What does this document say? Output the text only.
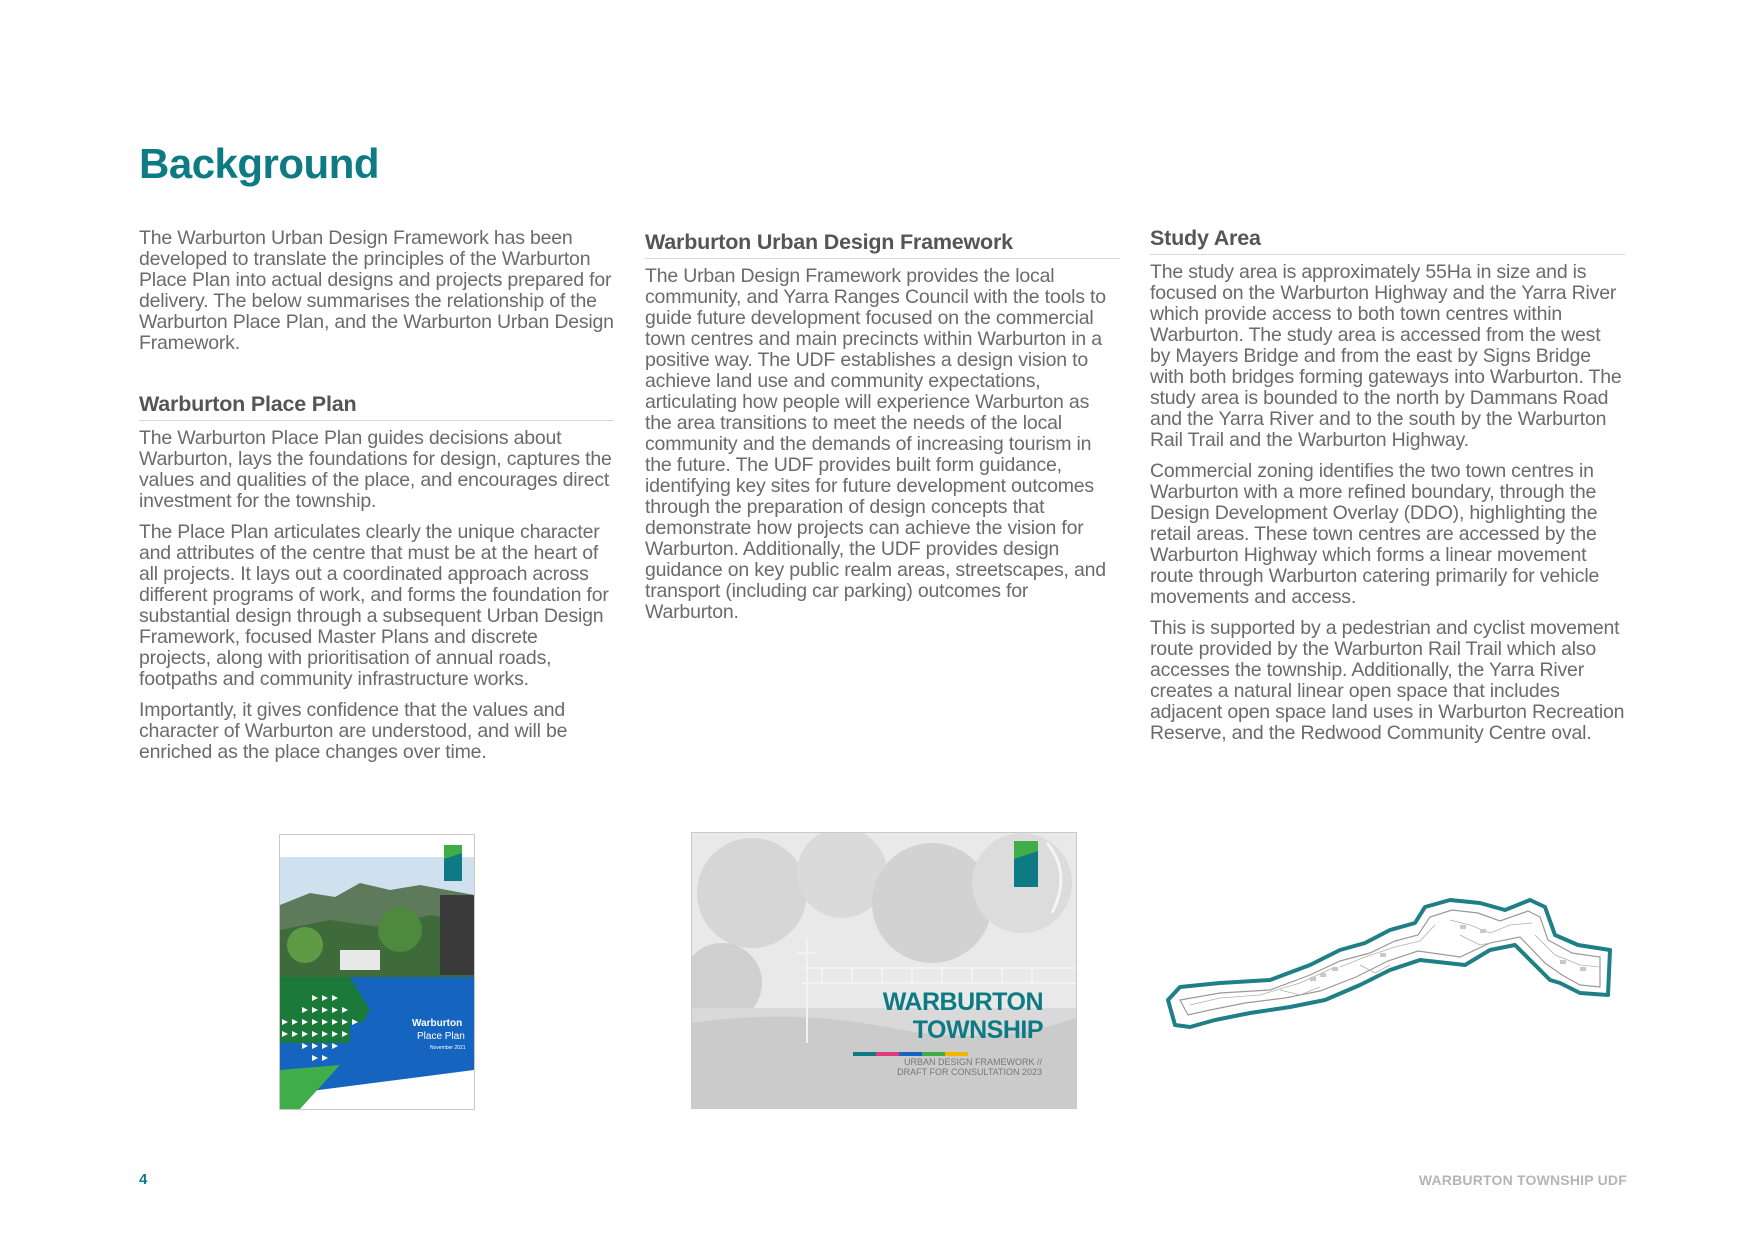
Background

The Warburton Urban Design Framework has been developed to translate the principles of the Warburton Place Plan into actual designs and projects prepared for delivery. The below summarises the relationship of the Warburton Place Plan, and the Warburton Urban Design Framework.

Warburton Place Plan

The Warburton Place Plan guides decisions about Warburton, lays the foundations for design, captures the values and qualities of the place, and encourages direct investment for the township.

The Place Plan articulates clearly the unique character and attributes of the centre that must be at the heart of all projects. It lays out a coordinated approach across different programs of work, and forms the foundation for substantial design through a subsequent Urban Design Framework, focused Master Plans and discrete projects, along with prioritisation of annual roads, footpaths and community infrastructure works.

Importantly, it gives confidence that the values and character of Warburton are understood, and will be enriched as the place changes over time.

Warburton Urban Design Framework

The Urban Design Framework provides the local community, and Yarra Ranges Council with the tools to guide future development focused on the commercial town centres and main precincts within Warburton in a positive way. The UDF establishes a design vision to achieve land use and community expectations, articulating how people will experience Warburton as the area transitions to meet the needs of the local community and the demands of increasing tourism in the future. The UDF provides built form guidance, identifying key sites for future development outcomes through the preparation of design concepts that demonstrate how projects can achieve the vision for Warburton. Additionally, the UDF provides design guidance on key public realm areas, streetscapes, and transport (including car parking) outcomes for Warburton.

Study Area

The study area is approximately 55Ha in size and is focused on the Warburton Highway and the Yarra River which provide access to both town centres within Warburton. The study area is accessed from the west by Mayers Bridge and from the east by Signs Bridge with both bridges forming gateways into Warburton. The study area is bounded to the north by Dammans Road and the Yarra River and to the south by the Warburton Rail Trail and the Warburton Highway.

Commercial zoning identifies the two town centres in Warburton with a more refined boundary, through the Design Development Overlay (DDO), highlighting the retail areas. These town centres are accessed by the Warburton Highway which forms a linear movement route through Warburton catering primarily for vehicle movements and access.

This is supported by a pedestrian and cyclist movement route provided by the Warburton Rail Trail which also accesses the township. Additionally, the Yarra River creates a natural linear open space that includes adjacent open space land uses in Warburton Recreation Reserve, and the Redwood Community Centre oval.

Warburton
Place Plan
November 2021
WARBURTON
TOWNSHIP
URBAN DESIGN FRAMEWORK //
DRAFT FOR CONSULTATION 2023
4	WARBURTON TOWNSHIP UDF
